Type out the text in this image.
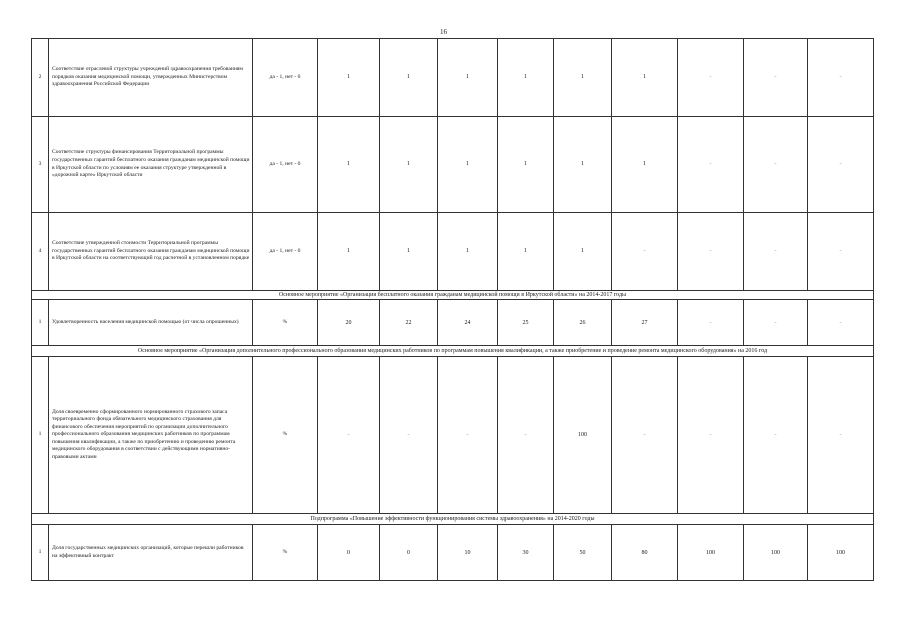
16
2	Соответствие отраслевой структуры учреждений здравоохранения требованиям порядков оказания медицинской помощи, утвержденных Министерством здравоохранения Российской Федерации	да - 1, нет - 0	1	1	1	1	1	1	-	-	-
3	Соответствие структуры финансирования Территориальной программы государственных гарантий бесплатного оказания гражданам медицинской помощи в Иркутской области по условиям ее оказания структуре утвержденной в «дорожной карте» Иркутской области	да - 1, нет - 0	1	1	1	1	1	1	-	-	-
4	Соответствие утвержденной стоимости Территориальной программы государственных гарантий бесплатного оказания гражданам медицинской помощи в Иркутской области на соответствующий год расчетной в установленном порядке	да - 1, нет - 0	1	1	1	1	1	-	-	-	-
Основное мероприятие «Организация бесплатного оказания гражданам медицинской помощи в Иркутской области» на 2014-2017 годы											
1	Удовлетворенность населения медицинской помощью (от числа опрошенных)	%	20	22	24	25	26	27	-	-	-
Основное мероприятие «Организация дополнительного профессионального образования медицинских работников по программам повышения квалификации, а также приобретение и проведение ремонта медицинского оборудования» на 2016 год											
1	Доля своевременно сформированного нормированного страхового запаса территориального фонда обязательного медицинского страхования для финансового обеспечения мероприятий по организации дополнительного профессионального образования медицинских работников по программам повышения квалификации, а также по приобретению и проведению ремонта медицинского оборудования в соответствии с действующими нормативно-правовыми актами	%	-	-	-	-	100	-	-	-	-
Подпрограмма «Повышение эффективности функционирования системы здравоохранения» на 2014-2020 годы											
1	Доля государственных медицинских организаций, которые перешли работников на эффективный контракт	%	0	0	10	30	50	80	100	100	100
